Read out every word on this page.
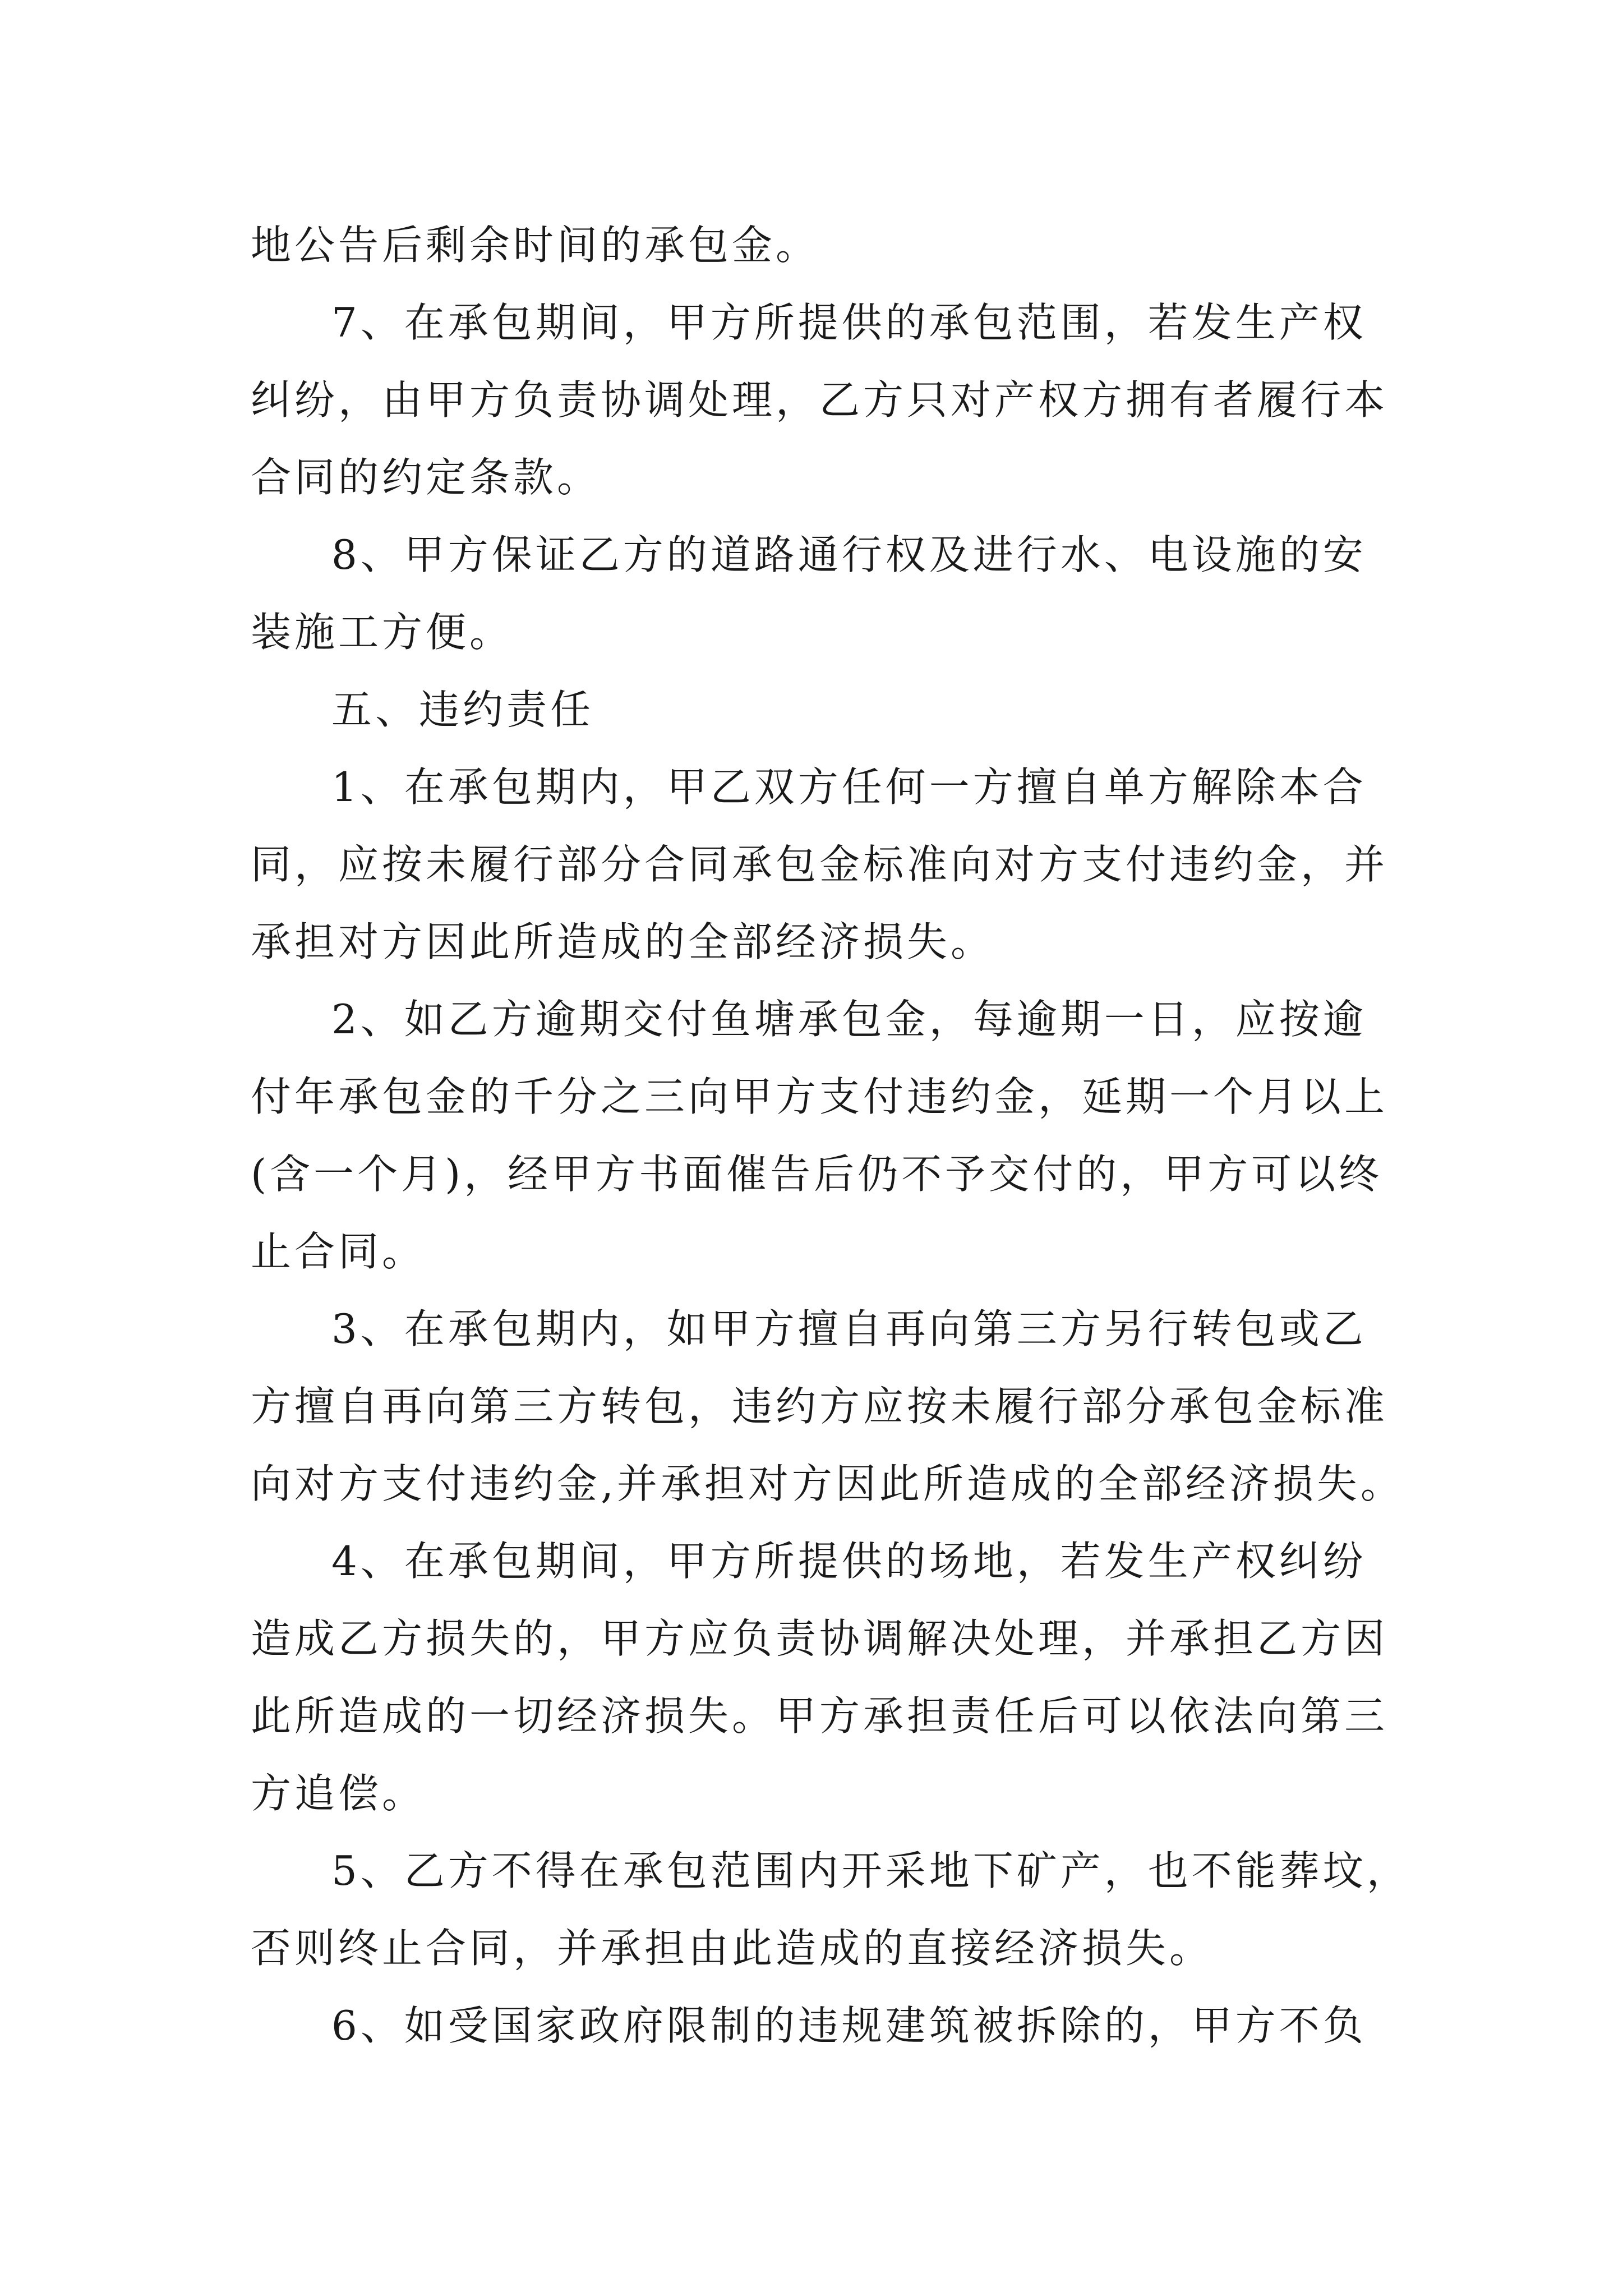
地公告后剩余时间的承包金。
7、在承包期间，甲方所提供的承包范围，若发生产权
纠纷，由甲方负责协调处理，乙方只对产权方拥有者履行本
合同的约定条款。
8、甲方保证乙方的道路通行权及进行水、电设施的安
装施工方便。
五、违约责任
1、在承包期内，甲乙双方任何一方擅自单方解除本合
同，应按未履行部分合同承包金标准向对方支付违约金，并
承担对方因此所造成的全部经济损失。
2、如乙方逾期交付鱼塘承包金，每逾期一日，应按逾
付年承包金的千分之三向甲方支付违约金，延期一个月以上
(含一个月)，经甲方书面催告后仍不予交付的，甲方可以终
止合同。
3、在承包期内，如甲方擅自再向第三方另行转包或乙
方擅自再向第三方转包，违约方应按未履行部分承包金标准
向对方支付违约金,并承担对方因此所造成的全部经济损失。
4、在承包期间，甲方所提供的场地，若发生产权纠纷
造成乙方损失的，甲方应负责协调解决处理，并承担乙方因
此所造成的一切经济损失。甲方承担责任后可以依法向第三
方追偿。
5、乙方不得在承包范围内开采地下矿产，也不能葬坟，
否则终止合同，并承担由此造成的直接经济损失。
6、如受国家政府限制的违规建筑被拆除的，甲方不负
